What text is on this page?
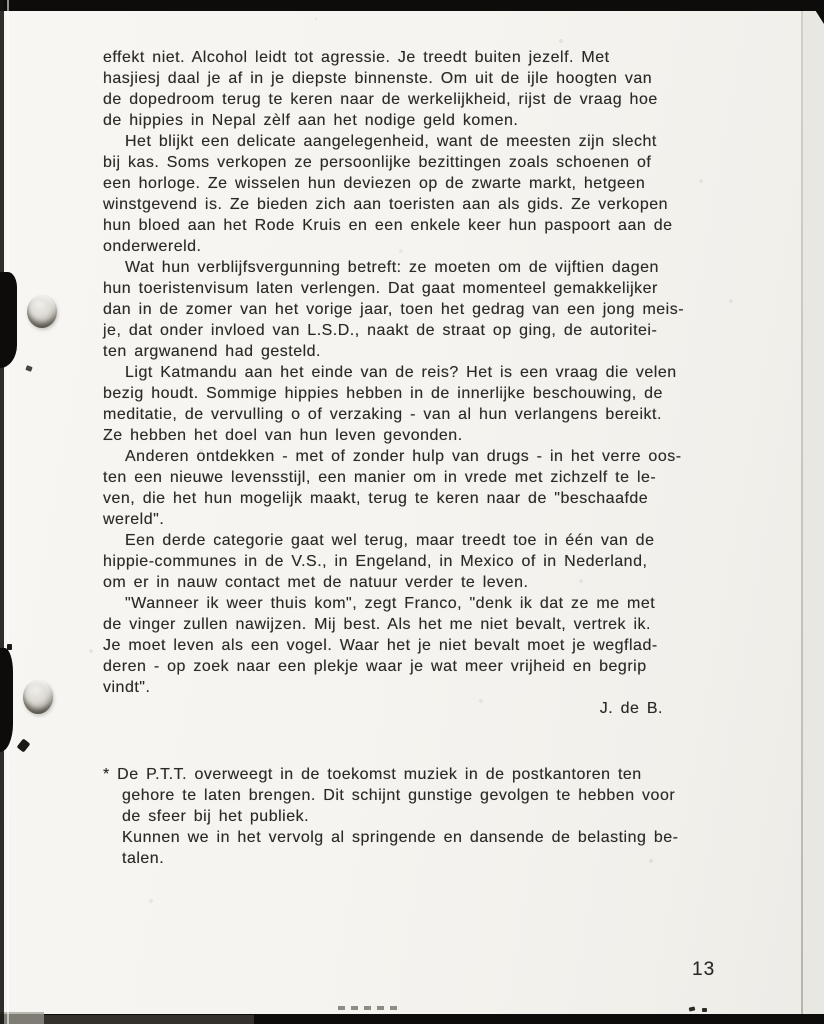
effekt niet. Alcohol leidt tot agressie. Je treedt buiten jezelf. Met
hasjiesj daal je af in je diepste binnenste. Om uit de ijle hoogten van
de dopedroom terug te keren naar de werkelijkheid, rijst de vraag hoe
de hippies in Nepal zèlf aan het nodige geld komen.
Het blijkt een delicate aangelegenheid, want de meesten zijn slecht
bij kas. Soms verkopen ze persoonlijke bezittingen zoals schoenen of
een horloge. Ze wisselen hun deviezen op de zwarte markt, hetgeen
winstgevend is. Ze bieden zich aan toeristen aan als gids. Ze verkopen
hun bloed aan het Rode Kruis en een enkele keer hun paspoort aan de
onderwereld.
Wat hun verblijfsvergunning betreft: ze moeten om de vijftien dagen
hun toeristenvisum laten verlengen. Dat gaat momenteel gemakkelijker
dan in de zomer van het vorige jaar, toen het gedrag van een jong meis-
je, dat onder invloed van L.S.D., naakt de straat op ging, de autoritei-
ten argwanend had gesteld.
Ligt Katmandu aan het einde van de reis? Het is een vraag die velen
bezig houdt. Sommige hippies hebben in de innerlijke beschouwing, de
meditatie, de vervulling o of verzaking - van al hun verlangens bereikt.
Ze hebben het doel van hun leven gevonden.
Anderen ontdekken - met of zonder hulp van drugs - in het verre oos-
ten een nieuwe levensstijl, een manier om in vrede met zichzelf te le-
ven, die het hun mogelijk maakt, terug te keren naar de "beschaafde
wereld".
Een derde categorie gaat wel terug, maar treedt toe in één van de
hippie-communes in de V.S., in Engeland, in Mexico of in Nederland,
om er in nauw contact met de natuur verder te leven.
"Wanneer ik weer thuis kom", zegt Franco, "denk ik dat ze me met
de vinger zullen nawijzen. Mij best. Als het me niet bevalt, vertrek ik.
Je moet leven als een vogel. Waar het je niet bevalt moet je wegflad-
deren - op zoek naar een plekje waar je wat meer vrijheid en begrip
vindt".
J. de B.
* De P.T.T. overweegt in de toekomst muziek in de postkantoren ten
gehore te laten brengen. Dit schijnt gunstige gevolgen te hebben voor
de sfeer bij het publiek.
Kunnen we in het vervolg al springende en dansende de belasting be-
talen.
13
